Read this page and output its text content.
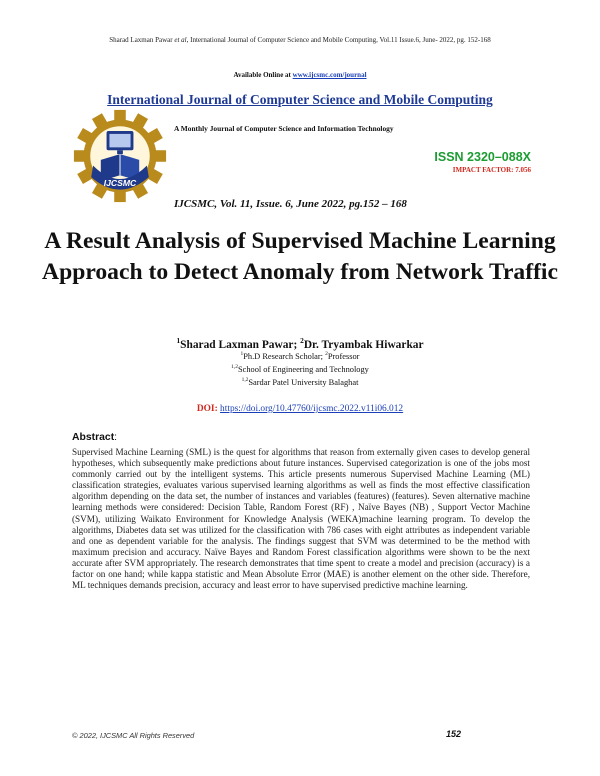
Sharad Laxman Pawar et al, International Journal of Computer Science and Mobile Computing, Vol.11 Issue.6, June- 2022, pg. 152-168
Available Online at www.ijcsmc.com/journal
International Journal of Computer Science and Mobile Computing
IJCSMC
A Monthly Journal of Computer Science and Information Technology
ISSN 2320–088X
IMPACT FACTOR: 7.056
IJCSMC, Vol. 11, Issue. 6, June 2022, pg.152 – 168
A Result Analysis of Supervised Machine Learning Approach to Detect Anomaly from Network Traffic
$^1$Sharad Laxman Pawar; $^2$Dr. Tryambak Hiwarkar
$^1$Ph.D Research Scholar; $^2$Professor
$^{1,2}$School of Engineering and Technology
$^{1,2}$Sardar Patel University Balaghat
DOI: https://doi.org/10.47760/ijcsmc.2022.v11i06.012
Abstract:
Supervised Machine Learning (SML) is the quest for algorithms that reason from externally given cases to develop general hypotheses, which subsequently make predictions about future instances. Supervised categorization is one of the jobs most commonly carried out by the intelligent systems. This article presents numerous Supervised Machine Learning (ML) classification strategies, evaluates various supervised learning algorithms as well as finds the most effective classification algorithm depending on the data set, the number of instances and variables (features) (features). Seven alternative machine learning methods were considered: Decision Table, Random Forest (RF) , Naïve Bayes (NB) , Support Vector Machine (SVM), utilizing Waikato Environment for Knowledge Analysis (WEKA)machine learning program. To develop the algorithms, Diabetes data set was utilized for the classification with 786 cases with eight attributes as independent variable and one as dependent variable for the analysis. The findings suggest that SVM was determined to be the method with maximum precision and accuracy. Naïve Bayes and Random Forest classification algorithms were shown to be the next accurate after SVM appropriately. The research demonstrates that time spent to create a model and precision (accuracy) is a factor on one hand; while kappa statistic and Mean Absolute Error (MAE) is another element on the other side. Therefore, ML techniques demands precision, accuracy and least error to have supervised predictive machine learning.
© 2022, IJCSMC All Rights Reserved	152
